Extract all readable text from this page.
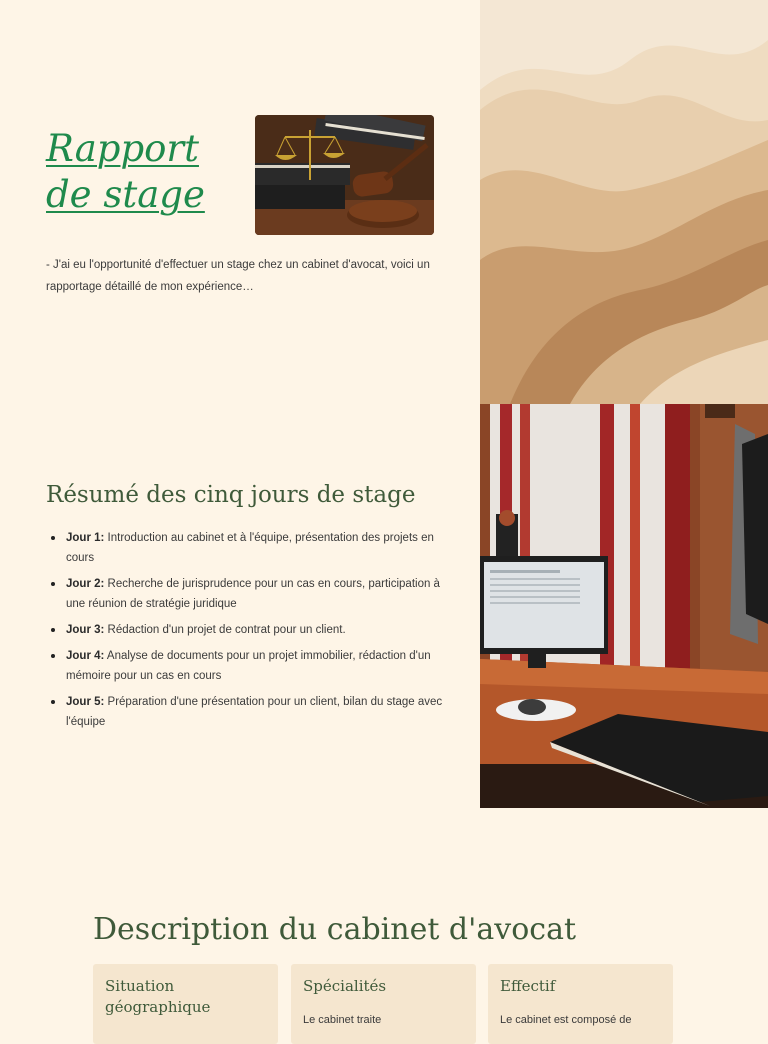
Rapport
de stage

- J'ai eu l'opportunité d'effectuer un stage chez un cabinet d'avocat, voici un rapportage détaillé de mon expérience…

Résumé des cinq jours de stage
Jour 1: Introduction au cabinet et à l'équipe, présentation des projets en cours
Jour 2: Recherche de jurisprudence pour un cas en cours, participation à une réunion de stratégie juridique
Jour 3: Rédaction d'un projet de contrat pour un client.
Jour 4: Analyse de documents pour un projet immobilier, rédaction d'un mémoire pour un cas en cours
Jour 5: Préparation d'une présentation pour un client, bilan du stage avec l'équipe
Description du cabinet d'avocat
Situation géographique
Spécialités

Le cabinet traite

Effectif

Le cabinet est composé de
